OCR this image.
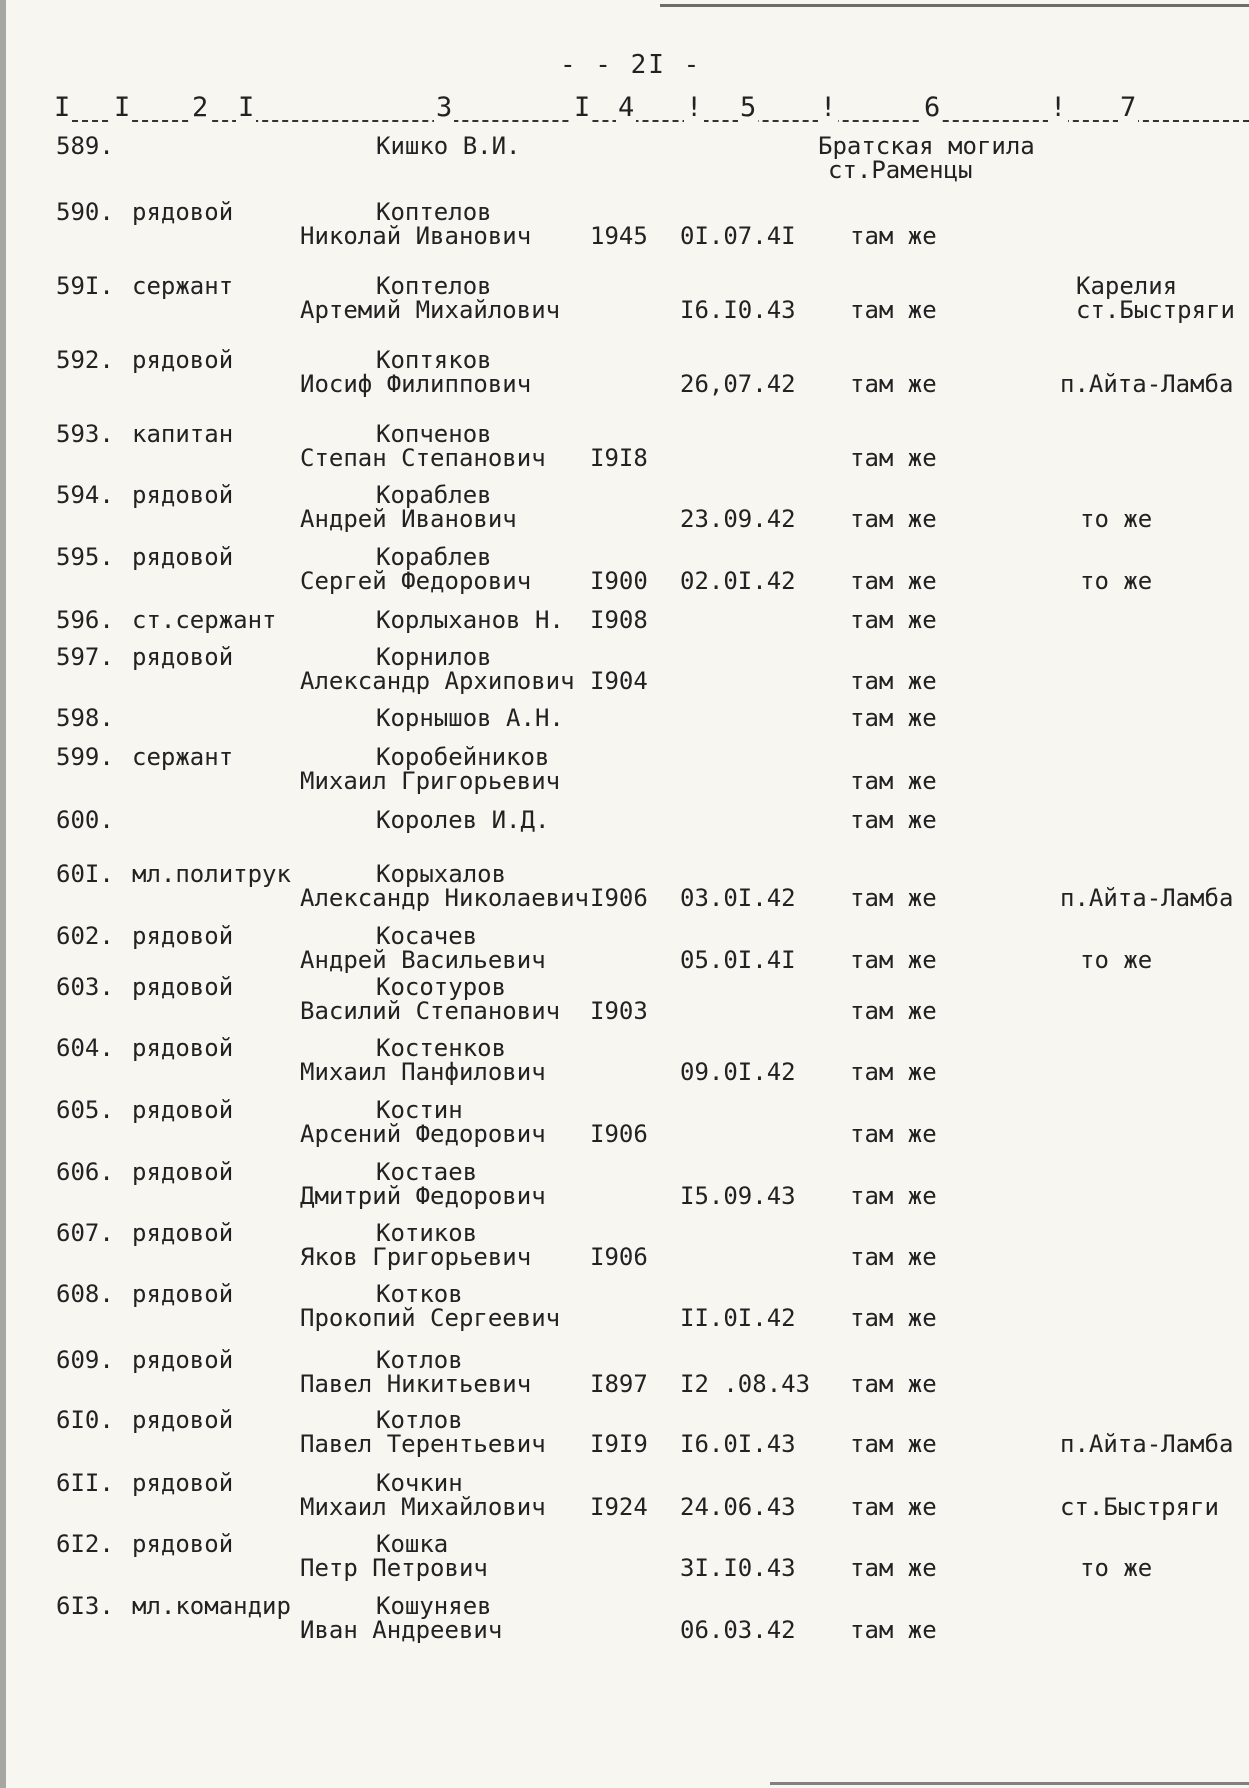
- - 2I -
I I 2 I	3	I 4 ! 5 !	6	! 7
589.	Кишко В.И.	Братская могила
ст.Раменцы
590. рядовой	Коптелов
Николай Иванович 1945 0I.07.4I там же
59I. сержант	Коптелов
Артемий Михайлович	I6.I0.43 там же
Карелия
ст.Быстряги
592. рядовой	Коптяков
Иосиф Филиппович	26,07.42 там же	п.Айта-Ламба
593. капитан	Копченов
Степан Степанович I9I8	там же
594. рядовой	Кораблев
Андрей Иванович	23.09.42 там же	то же
595. рядовой	Кораблев
Сергей Федорович I900 02.0I.42 там же	то же
596. ст.сержант	Корлыханов Н. I908	там же
597. рядовой	Корнилов
Александр Архипович I904	там же
598.	Корнышов А.Н.	там же
599. сержант	Коробейников
Михаил Григорьевич	там же
600.	Королев И.Д.	там же
60I. мл.политрук	Корыхалов
Александр Николаевич I906 03.0I.42 там же	п.Айта-Ламба
602. рядовой	Косачев
Андрей Васильевич	05.0I.4I там же	то же
603. рядовой	Косотуров
Василий Степанович I903	там же
604. рядовой	Костенков
Михаил Панфилович	09.0I.42 там же
605. рядовой	Костин
Арсений Федорович I906	там же
606. рядовой	Костаев
Дмитрий Федорович	I5.09.43 там же
607. рядовой	Котиков
Яков Григорьевич I906	там же
608. рядовой	Котков
Прокопий Сергеевич	II.0I.42 там же
609. рядовой	Котлов
Павел Никитьевич I897 I2 .08.43 там же
6I0. рядовой	Котлов
Павел Терентьевич I9I9 I6.0I.43 там же	п.Айта-Ламба
6II. рядовой	Кочкин
Михаил Михайлович I924 24.06.43 там же	ст.Быстряги
6I2. рядовой	Кошка
Петр Петрович	3I.I0.43 там же	то же
6I3. мл.командир	Кошуняев
Иван Андреевич	06.03.42 там же
